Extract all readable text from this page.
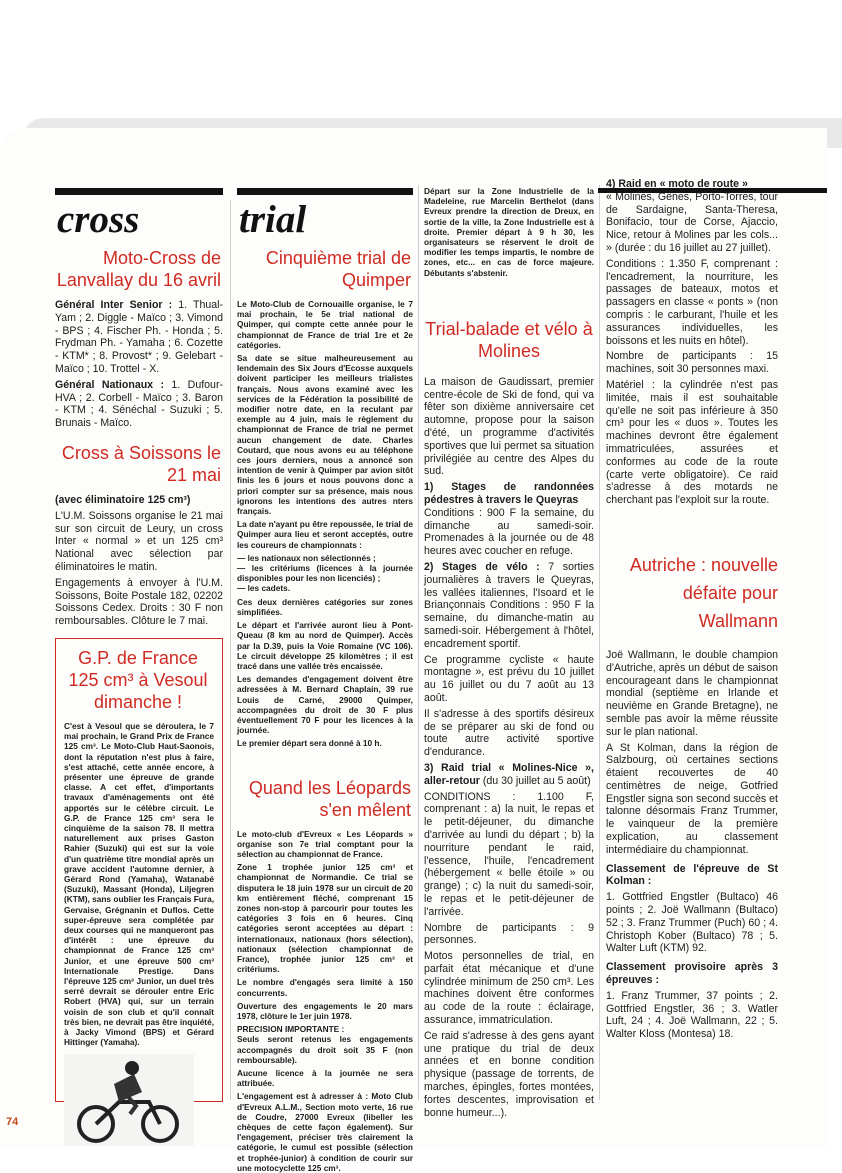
cross
Moto-Cross de Lanvallay du 16 avril

Général Inter Senior : 1. Thual-Yam ; 2. Diggle - Maïco ; 3. Vimond - BPS ; 4. Fischer Ph. - Honda ; 5. Frydman Ph. - Yamaha ; 6. Cozette - KTM* ; 8. Provost* ; 9. Gelebart - Maïco ; 10. Trottel - X.

Général Nationaux : 1. Dufour-HVA ; 2. Corbell - Maïco ; 3. Baron - KTM ; 4. Sénéchal - Suzuki ; 5. Brunais - Maïco.

Cross à Soissons le 21 mai

(avec éliminatoire 125 cm³)

L'U.M. Soissons organise le 21 mai sur son circuit de Leury, un cross Inter « normal » et un 125 cm³ National avec sélection par éliminatoires le matin.

Engagements à envoyer à l'U.M. Soissons, Boite Postale 182, 02202 Soissons Cedex. Droits : 30 F non remboursables. Clôture le 7 mai.

G.P. de France 125 cm³ à Vesoul dimanche !

C'est à Vesoul que se déroulera, le 7 mai prochain, le Grand Prix de France 125 cm³. Le Moto-Club Haut-Saonois, dont la réputation n'est plus à faire, s'est attaché, cette année encore, à présenter une épreuve de grande classe. A cet effet, d'importants travaux d'aménagements ont été apportés sur le célèbre circuit. Le G.P. de France 125 cm³ sera le cinquième de la saison 78. Il mettra naturellement aux prises Gaston Rahier (Suzuki) qui est sur la voie d'un quatrième titre mondial après un grave accident l'automne dernier, à Gérard Rond (Yamaha), Watanabé (Suzuki), Massant (Honda), Liljegren (KTM), sans oublier les Français Fura, Gervaise, Grégnanin et Duflos. Cette super-épreuve sera complétée par deux courses qui ne manqueront pas d'intérêt : une épreuve du championnat de France 125 cm³ Junior, et une épreuve 500 cm³ Internationale Prestige. Dans l'épreuve 125 cm³ Junior, un duel très serré devrait se dérouler entre Eric Robert (HVA) qui, sur un terrain voisin de son club et qu'il connaît très bien, ne devrait pas être inquiété, à Jacky Vimond (BPS) et Gérard Hittinger (Yamaha).

trial
Cinquième trial de Quimper

Le Moto-Club de Cornouaille organise, le 7 mai prochain, le 5e trial national de Quimper, qui compte cette année pour le championnat de France de trial 1re et 2e catégories.

Sa date se situe malheureusement au lendemain des Six Jours d'Ecosse auxquels doivent participer les meilleurs trialistes français. Nous avons examiné avec les services de la Fédération la possibilité de modifier notre date, en la reculant par exemple au 4 juin, mais le règlement du championnat de France de trial ne permet aucun changement de date. Charles Coutard, que nous avons eu au téléphone ces jours derniers, nous a annoncé son intention de venir à Quimper par avion sitôt finis les 6 jours et nous pouvons donc a priori compter sur sa présence, mais nous ignorons les intentions des autres nters français.

La date n'ayant pu être repoussée, le trial de Quimper aura lieu et seront acceptés, outre les coureurs de championnats :

— les nationaux non sélectionnés ;

— les critériums (licences à la journée disponibles pour les non licenciés) ;

— les cadets.

Ces deux dernières catégories sur zones simplifiées.

Le départ et l'arrivée auront lieu à Pont-Queau (8 km au nord de Quimper). Accès par la D.39, puis la Voie Romaine (VC 106). Le circuit développe 25 kilomètres ; il est tracé dans une vallée très encaissée.

Les demandes d'engagement doivent être adressées à M. Bernard Chaplain, 39 rue Louis de Carné, 29000 Quimper, accompagnées du droit de 30 F plus éventuellement 70 F pour les licences à la journée.

Le premier départ sera donné à 10 h.

Quand les Léopards s'en mêlent

Le moto-club d'Evreux « Les Léopards » organise son 7e trial comptant pour la sélection au championnat de France.

Zone 1 trophée junior 125 cm³ et championnat de Normandie. Ce trial se disputera le 18 juin 1978 sur un circuit de 20 km entièrement fléché, comprenant 15 zones non-stop à parcourir pour toutes les catégories 3 fois en 6 heures. Cinq catégories seront acceptées au départ : internationaux, nationaux (hors sélection), nationaux (sélection championnat de France), trophée junior 125 cm³ et critériums.

Le nombre d'engagés sera limité à 150 concurrents.

Ouverture des engagements le 20 mars 1978, clôture le 1er juin 1978.

PRECISION IMPORTANTE :

Seuls seront retenus les engagements accompagnés du droit soit 35 F (non remboursable).

Aucune licence à la journée ne sera attribuée.

L'engagement est à adresser à : Moto Club d'Evreux A.L.M., Section moto verte, 16 rue de Coudre, 27000 Evreux (libeller les chèques de cette façon également). Sur l'engagement, préciser très clairement la catégorie, le cumul est possible (sélection et trophée-junior) à condition de courir sur une motocyclette 125 cm³.

Départ sur la Zone Industrielle de la Madeleine, rue Marcelin Berthelot (dans Evreux prendre la direction de Dreux, en sortie de la ville, la Zone Industrielle est à droite. Premier départ à 9 h 30, les organisateurs se réservent le droit de modifier les temps impartis, le nombre de zones, etc... en cas de force majeure. Débutants s'abstenir.

Trial-balade et vélo à Molines

La maison de Gaudissart, premier centre-école de Ski de fond, qui va fêter son dixième anniversaire cet automne, propose pour la saison d'été, un programme d'activités sportives que lui permet sa situation privilégiée au centre des Alpes du sud.

1) Stages de randonnées pédestres à travers le Queyras

Conditions : 900 F la semaine, du dimanche au samedi-soir. Promenades à la journée ou de 48 heures avec coucher en refuge.

2) Stages de vélo : 7 sorties journalières à travers le Queyras, les vallées italiennes, l'Isoard et le Briançonnais Conditions : 950 F la semaine, du dimanche-matin au samedi-soir. Hébergement à l'hôtel, encadrement sportif.

Ce programme cycliste « haute montagne », est prévu du 10 juillet au 16 juillet ou du 7 août au 13 août.

Il s'adresse à des sportifs désireux de se préparer au ski de fond ou toute autre activité sportive d'endurance.

3) Raid trial « Molines-Nice », aller-retour (du 30 juillet au 5 août)

CONDITIONS : 1.100 F, comprenant : a) la nuit, le repas et le petit-déjeuner, du dimanche d'arrivée au lundi du départ ; b) la nourriture pendant le raid, l'essence, l'huile, l'encadrement (hébergement « belle étoile » ou grange) ; c) la nuit du samedi-soir, le repas et le petit-déjeuner de l'arrivée.

Nombre de participants : 9 personnes.

Motos personnelles de trial, en parfait état mécanique et d'une cylindrée minimum de 250 cm³. Les machines doivent être conformes au code de la route : éclairage, assurance, immatriculation.

Ce raid s'adresse à des gens ayant une pratique du trial de deux années et en bonne condition physique (passage de torrents, de marches, épingles, fortes montées, fortes descentes, improvisation et bonne humeur...).

4) Raid en « moto de route »

« Molines, Gênes, Porto-Torres, tour de Sardaigne, Santa-Theresa, Bonifacio, tour de Corse, Ajaccio, Nice, retour à Molines par les cols... » (durée : du 16 juillet au 27 juillet).

Conditions : 1.350 F, comprenant : l'encadrement, la nourriture, les passages de bateaux, motos et passagers en classe « ponts » (non compris : le carburant, l'huile et les assurances individuelles, les boissons et les nuits en hôtel).

Nombre de participants : 15 machines, soit 30 personnes maxi.

Matériel : la cylindrée n'est pas limitée, mais il est souhaitable qu'elle ne soit pas inférieure à 350 cm³ pour les « duos ». Toutes les machines devront être également immatriculées, assurées et conformes au code de la route (carte verte obligatoire). Ce raid s'adresse à des motards ne cherchant pas l'exploit sur la route.

Autriche : nouvelle défaite pour Wallmann

Joë Wallmann, le double champion d'Autriche, après un début de saison encourageant dans le championnat mondial (septième en Irlande et neuvième en Grande Bretagne), ne semble pas avoir la même réussite sur le plan national.

A St Kolman, dans la région de Salzbourg, où certaines sections étaient recouvertes de 40 centimètres de neige, Gotfried Engstler signa son second succès et talonne désormais Franz Trummer, le vainqueur de la première explication, au classement intermédiaire du championnat.

Classement de l'épreuve de St Kolman :

1. Gottfried Engstler (Bultaco) 46 points ; 2. Joë Wallmann (Bultaco) 52 ; 3. Franz Trummer (Puch) 60 ; 4. Christoph Kober (Bultaco) 78 ; 5. Walter Luft (KTM) 92.

Classement provisoire après 3 épreuves :

1. Franz Trummer, 37 points ; 2. Gottfried Engstler, 36 ; 3. Watler Luft, 24 ; 4. Joë Wallmann, 22 ; 5. Walter Kloss (Montesa) 18.

74
